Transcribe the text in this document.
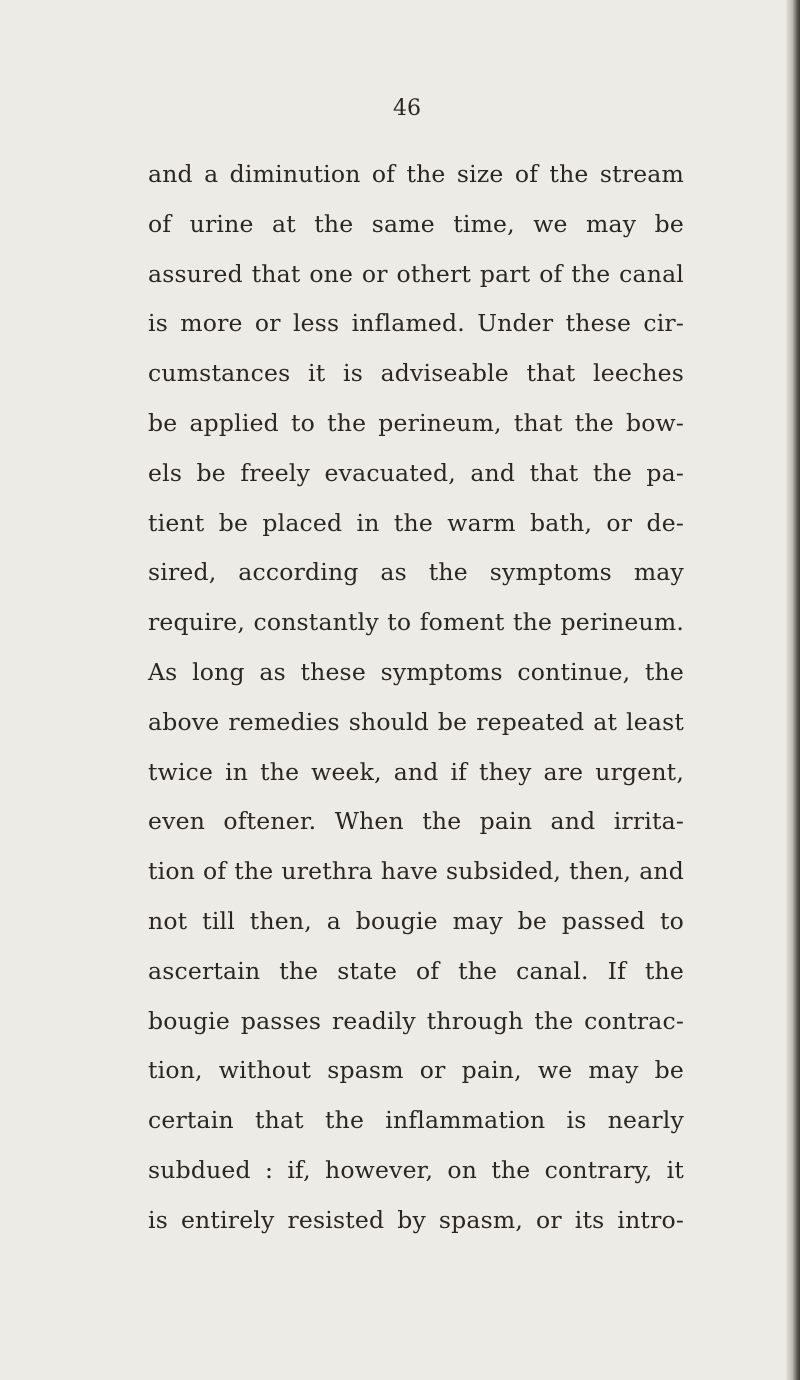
46
and a diminution of the size of the stream
of urine at the same time, we may be
assured that one or othert part of the canal
is more or less inflamed. Under these cir-
cumstances it is adviseable that leeches
be applied to the perineum, that the bow-
els be freely evacuated, and that the pa-
tient be placed in the warm bath, or de-
sired, according as the symptoms may
require, constantly to foment the perineum.
As long as these symptoms continue, the
above remedies should be repeated at least
twice in the week, and if they are urgent,
even oftener. When the pain and irrita-
tion of the urethra have subsided, then, and
not till then, a bougie may be passed to
ascertain the state of the canal. If the
bougie passes readily through the contrac-
tion, without spasm or pain, we may be
certain that the inflammation is nearly
subdued : if, however, on the contrary, it
is entirely resisted by spasm, or its intro-
